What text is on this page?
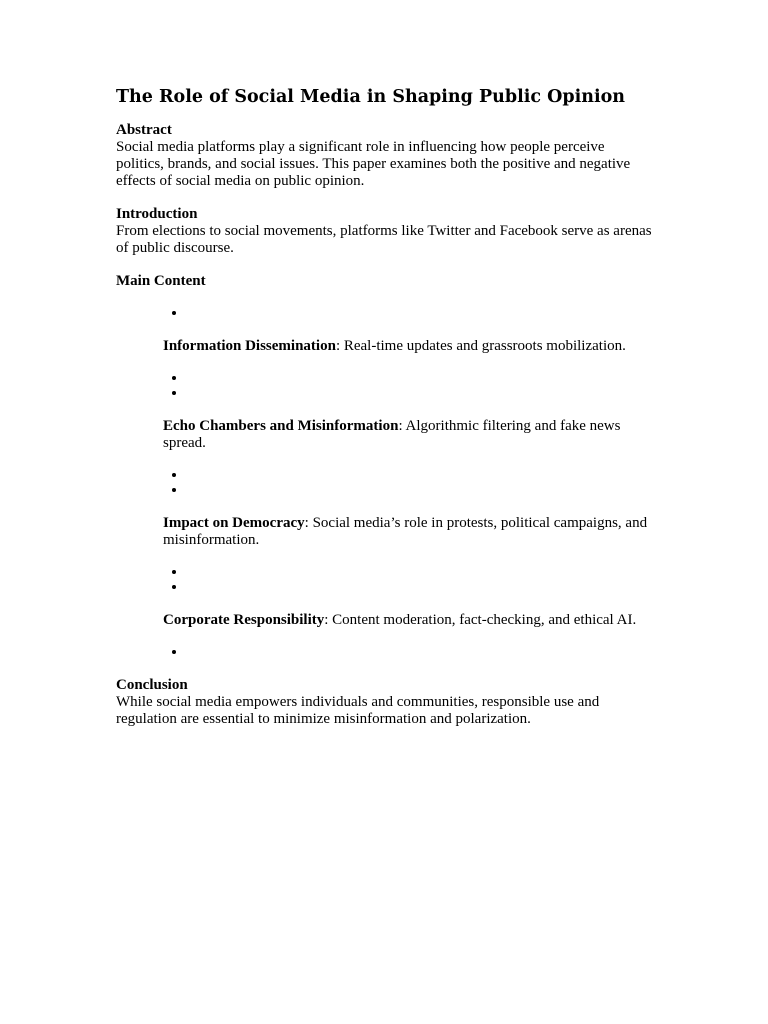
The Role of Social Media in Shaping Public Opinion
Abstract

Social media platforms play a significant role in influencing how people perceive politics, brands, and social issues. This paper examines both the positive and negative effects of social media on public opinion.

Introduction

From elections to social movements, platforms like Twitter and Facebook serve as arenas of public discourse.

Main Content
•

Information Dissemination: Real-time updates and grassroots mobilization.

•
•

Echo Chambers and Misinformation: Algorithmic filtering and fake news spread.

•
•

Impact on Democracy: Social media’s role in protests, political campaigns, and misinformation.

•
•

Corporate Responsibility: Content moderation, fact-checking, and ethical AI.

•
Conclusion

While social media empowers individuals and communities, responsible use and regulation are essential to minimize misinformation and polarization.
